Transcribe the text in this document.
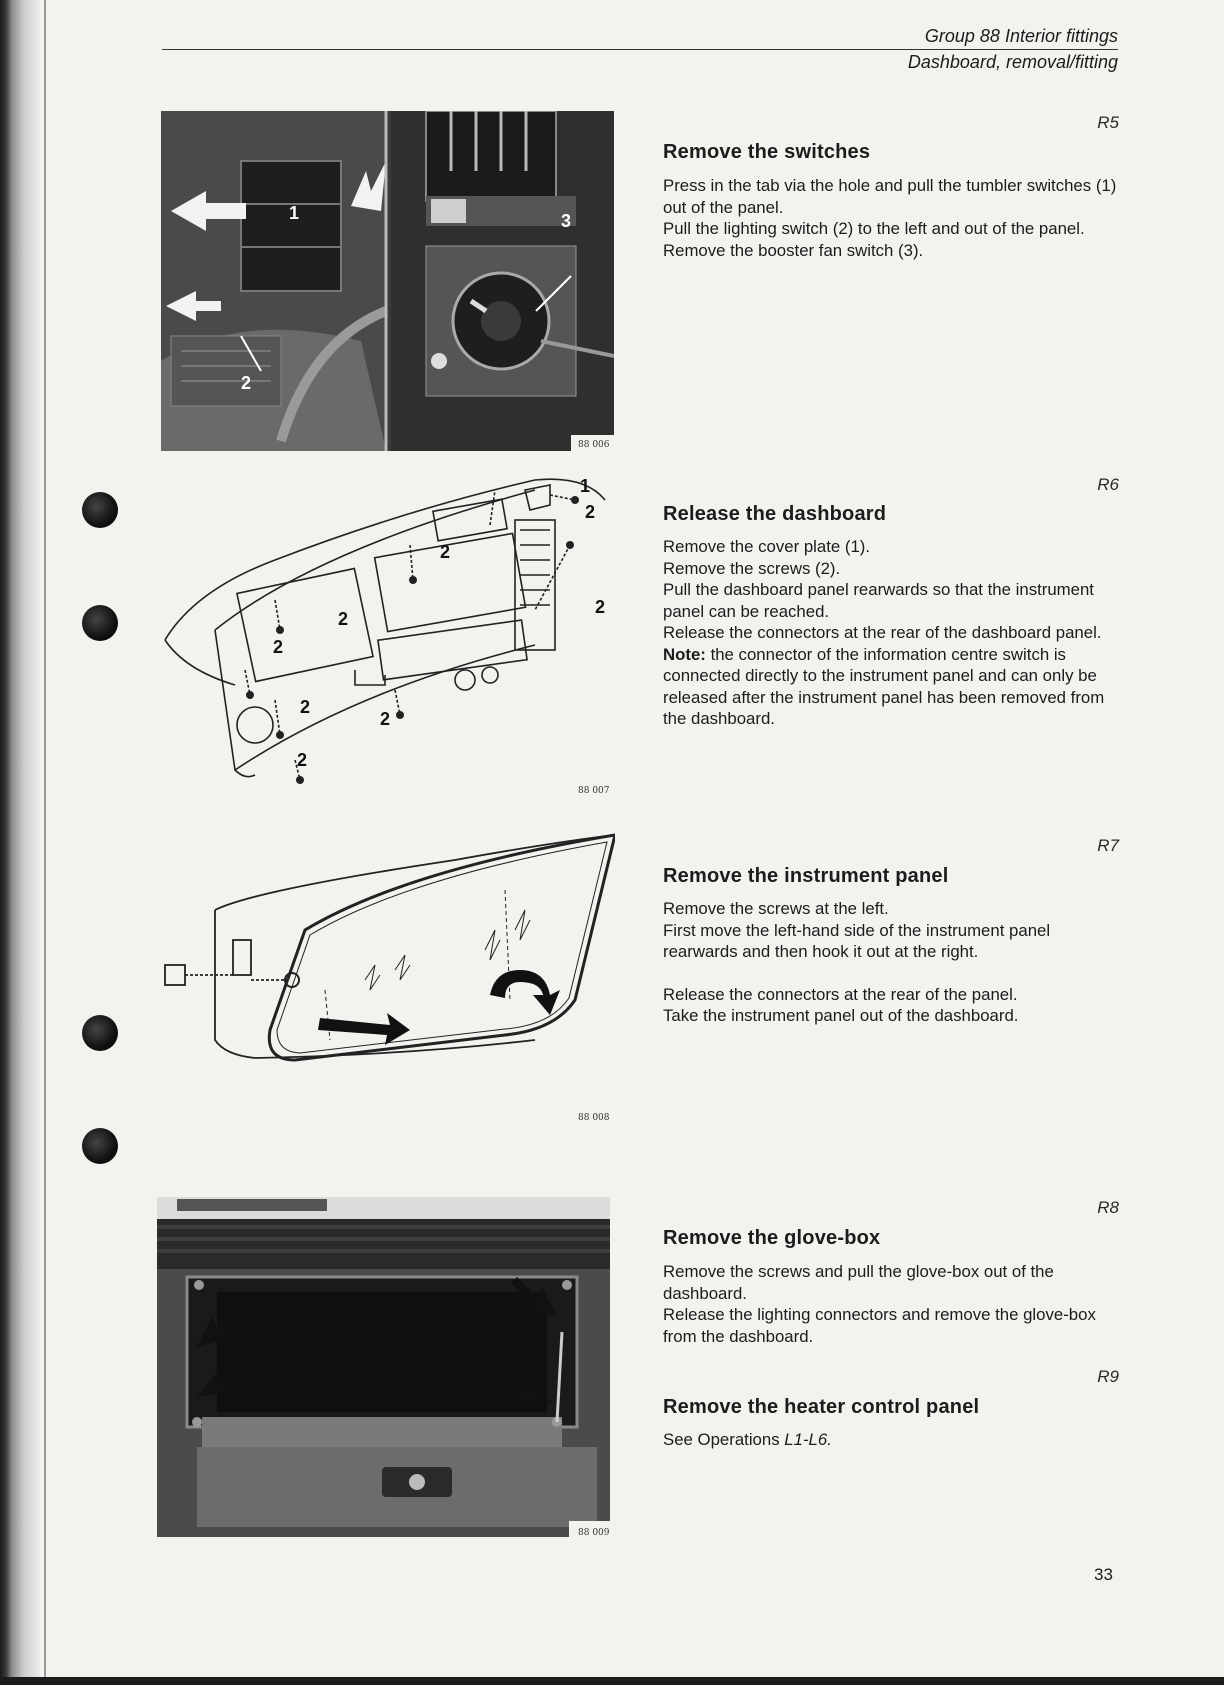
Group 88 Interior fittings
Dashboard, removal/fitting
1
2
3
88 006
1
2
2
2
2
2
2
2
2
88 007
88 008
88 009
R5
Remove the switches

Press in the tab via the hole and pull the tumbler switches (1) out of the panel.

Pull the lighting switch (2) to the left and out of the panel.

Remove the booster fan switch (3).

R6
Release the dashboard

Remove the cover plate (1).

Remove the screws (2).

Pull the dashboard panel rearwards so that the instrument panel can be reached.

Release the connectors at the rear of the dashboard panel.

Note: the connector of the information centre switch is connected directly to the instrument panel and can only be released after the instrument panel has been removed from the dashboard.

R7
Remove the instrument panel

Remove the screws at the left.

First move the left-hand side of the instrument panel rearwards and then hook it out at the right.

Release the connectors at the rear of the panel.

Take the instrument panel out of the dashboard.

R8
Remove the glove-box

Remove the screws and pull the glove-box out of the dashboard.

Release the lighting connectors and remove the glove-box from the dashboard.

R9
Remove the heater control panel

See Operations L1-L6.

33
